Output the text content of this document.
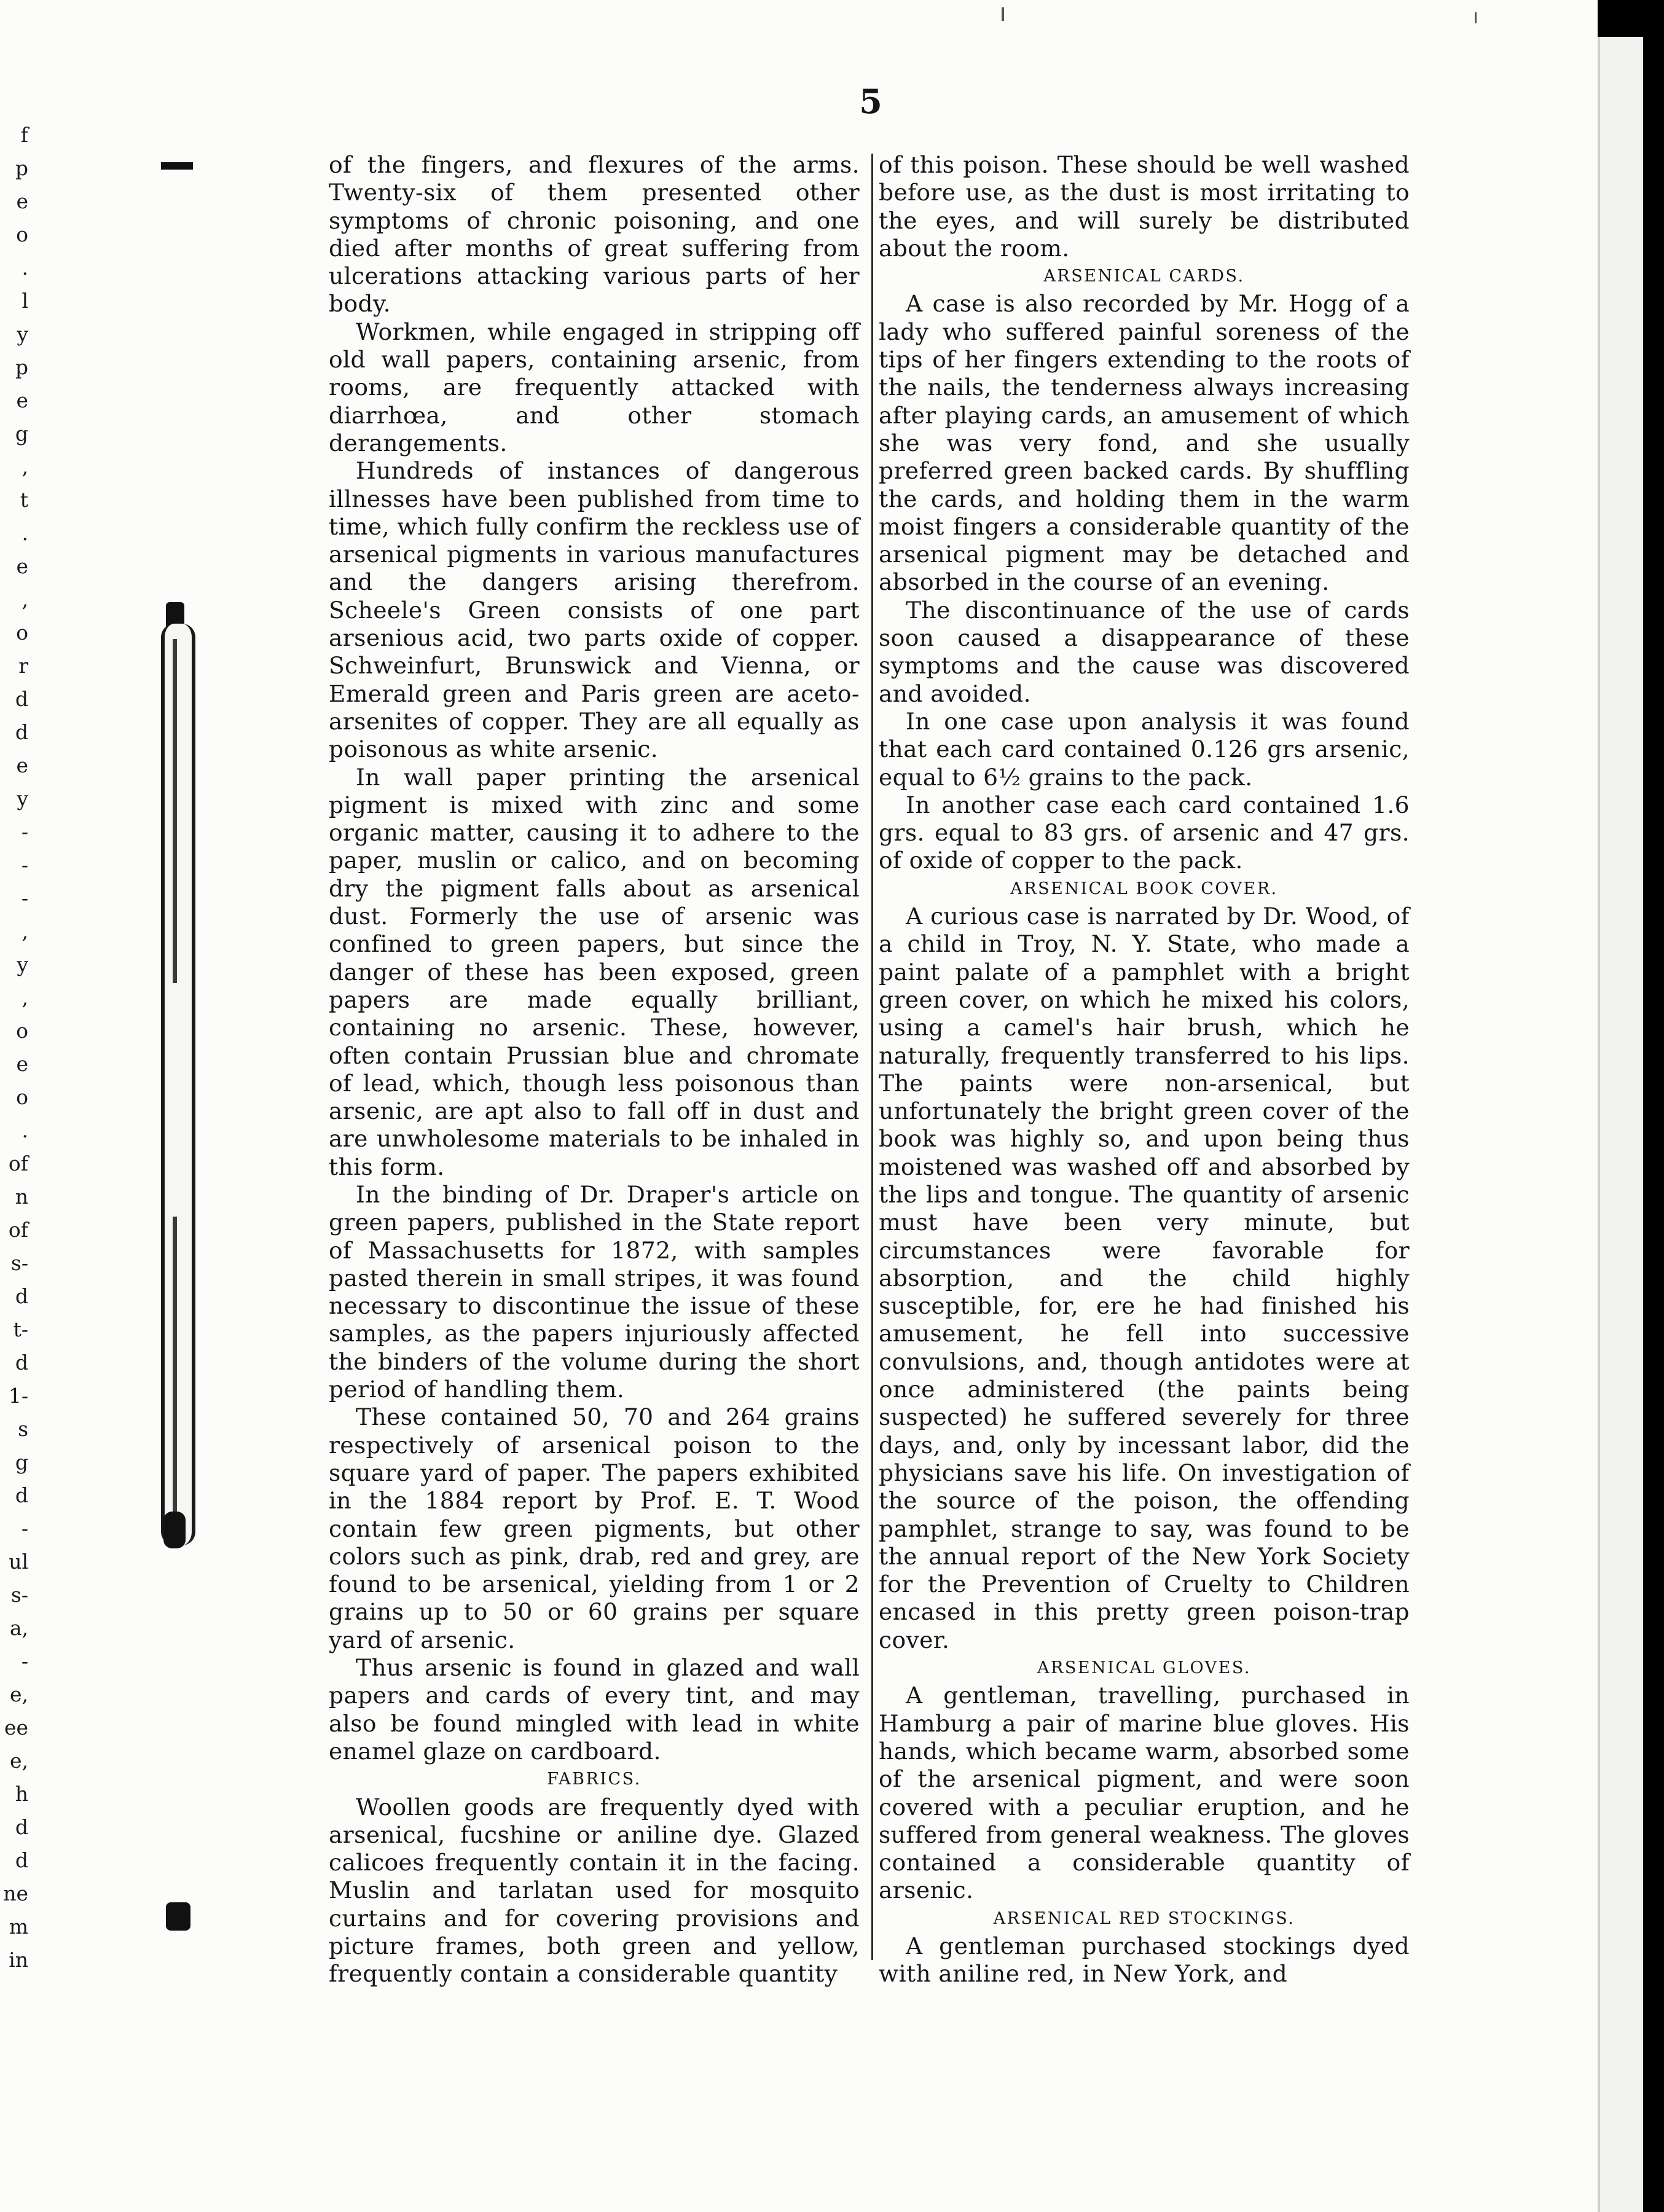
f
p
e
o
.
l
y
p
e
g
,
t
.
e
,
o
r
d
d
e
y
-
-
-
,
y
,
o
e
o
.
of
n
of
s-
d
t-
d
1-
s
g
d
-
ul
s-
a,
-
e,
ee
e,
h
d
d
ne
m
in
5

of the fingers, and flexures of the arms. Twenty-six of them presented other symptoms of chronic poisoning, and one died after months of great suffering from ulcerations attacking various parts of her body.

Workmen, while engaged in stripping off old wall papers, containing arsenic, from rooms, are frequently attacked with diarrhœa, and other stomach derangements.

Hundreds of instances of dangerous illnesses have been published from time to time, which fully confirm the reckless use of arsenical pigments in various manufactures and the dangers arising therefrom. Scheele's Green consists of one part arsenious acid, two parts oxide of copper. Schweinfurt, Brunswick and Vienna, or Emerald green and Paris green are aceto-arsenites of copper. They are all equally as poisonous as white arsenic.

In wall paper printing the arsenical pigment is mixed with zinc and some organic matter, causing it to adhere to the paper, muslin or calico, and on becoming dry the pigment falls about as arsenical dust. Formerly the use of arsenic was confined to green papers, but since the danger of these has been exposed, green papers are made equally brilliant, containing no arsenic. These, however, often contain Prussian blue and chromate of lead, which, though less poisonous than arsenic, are apt also to fall off in dust and are unwholesome materials to be inhaled in this form.

In the binding of Dr. Draper's article on green papers, published in the State report of Massachusetts for 1872, with samples pasted therein in small stripes, it was found necessary to discontinue the issue of these samples, as the papers injuriously affected the binders of the volume during the short period of handling them.

These contained 50, 70 and 264 grains respectively of arsenical poison to the square yard of paper. The papers exhibited in the 1884 report by Prof. E. T. Wood contain few green pigments, but other colors such as pink, drab, red and grey, are found to be arsenical, yielding from 1 or 2 grains up to 50 or 60 grains per square yard of arsenic.

Thus arsenic is found in glazed and wall papers and cards of every tint, and may also be found mingled with lead in white enamel glaze on cardboard.

FABRICS.

Woollen goods are frequently dyed with arsenical, fucshine or aniline dye. Glazed calicoes frequently contain it in the facing. Muslin and tarlatan used for mosquito curtains and for covering provisions and picture frames, both green and yellow, frequently contain a considerable quantity

of this poison. These should be well washed before use, as the dust is most irritating to the eyes, and will surely be distributed about the room.

ARSENICAL CARDS.

A case is also recorded by Mr. Hogg of a lady who suffered painful soreness of the tips of her fingers extending to the roots of the nails, the tenderness always increasing after playing cards, an amusement of which she was very fond, and she usually preferred green backed cards. By shuffling the cards, and holding them in the warm moist fingers a considerable quantity of the arsenical pigment may be detached and absorbed in the course of an evening.

The discontinuance of the use of cards soon caused a disappearance of these symptoms and the cause was discovered and avoided.

In one case upon analysis it was found that each card contained 0.126 grs arsenic, equal to 6½ grains to the pack.

In another case each card contained 1.6 grs. equal to 83 grs. of arsenic and 47 grs. of oxide of copper to the pack.

ARSENICAL BOOK COVER.

A curious case is narrated by Dr. Wood, of a child in Troy, N. Y. State, who made a paint palate of a pamphlet with a bright green cover, on which he mixed his colors, using a camel's hair brush, which he naturally, frequently transferred to his lips. The paints were non-arsenical, but unfortunately the bright green cover of the book was highly so, and upon being thus moistened was washed off and absorbed by the lips and tongue. The quantity of arsenic must have been very minute, but circumstances were favorable for absorption, and the child highly susceptible, for, ere he had finished his amusement, he fell into successive convulsions, and, though antidotes were at once administered (the paints being suspected) he suffered severely for three days, and, only by incessant labor, did the physicians save his life. On investigation of the source of the poison, the offending pamphlet, strange to say, was found to be the annual report of the New York Society for the Prevention of Cruelty to Children encased in this pretty green poison-trap cover.

ARSENICAL GLOVES.

A gentleman, travelling, purchased in Hamburg a pair of marine blue gloves. His hands, which became warm, absorbed some of the arsenical pigment, and were soon covered with a peculiar eruption, and he suffered from general weakness. The gloves contained a considerable quantity of arsenic.

ARSENICAL RED STOCKINGS.

A gentleman purchased stockings dyed with aniline red, in New York, and
